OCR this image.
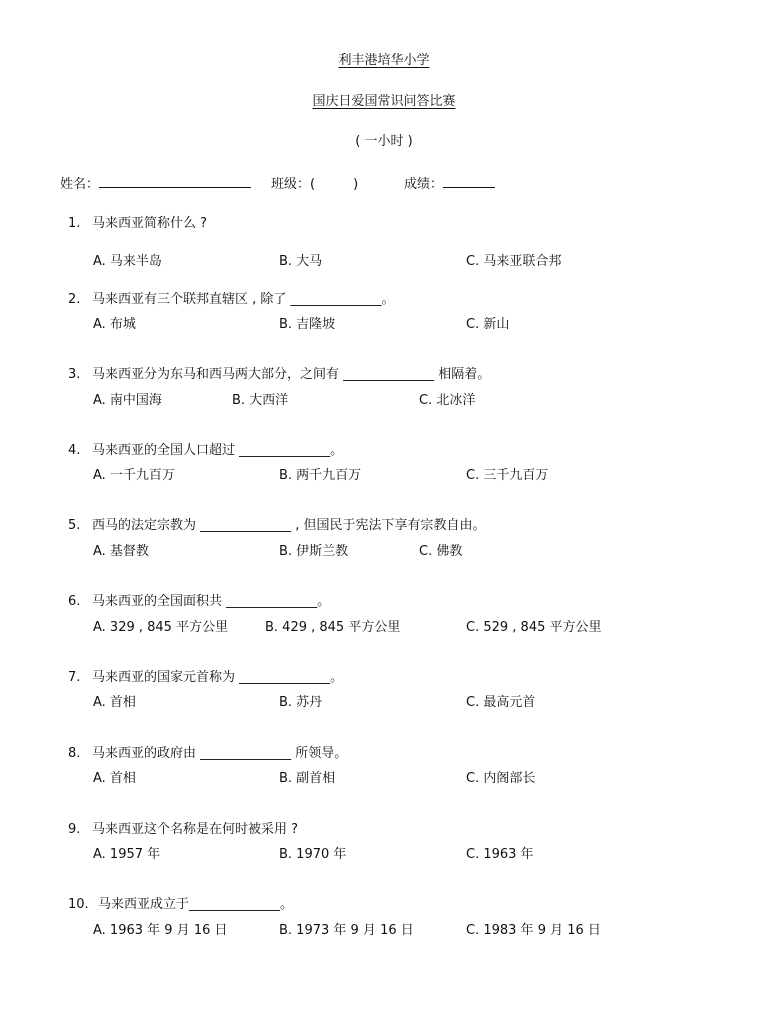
利丰港培华小学
国庆日爱国常识问答比赛
( 一小时 )
姓名：	班级：(	)	成绩：
1. 马来西亚简称什么 ?
A. 马来半岛	B. 大马	C. 马来亚联合邦
2. 马来西亚有三个联邦直辖区 , 除了 ______________。
A. 布城	B. 吉隆坡	C. 新山
3. 马来西亚分为东马和西马两大部分，之间有 ______________ 相隔着。
A. 南中国海	B. 大西洋	C. 北冰洋
4. 马来西亚的全国人口超过 ______________。
A. 一千九百万	B. 两千九百万	C. 三千九百万
5. 西马的法定宗教为 ______________ , 但国民于宪法下享有宗教自由。
A. 基督教	B. 伊斯兰教	C. 佛教
6. 马来西亚的全国面积共 ______________。
A. 329 , 845 平方公里	B. 429 , 845 平方公里	C. 529 , 845 平方公里
7. 马来西亚的国家元首称为 ______________。
A. 首相	B. 苏丹	C. 最高元首
8. 马来西亚的政府由 ______________ 所领导。
A. 首相	B. 副首相	C. 内阁部长
9. 马来西亚这个名称是在何时被采用 ?
A. 1957 年	B. 1970 年	C. 1963 年
10. 马来西亚成立于______________。
A. 1963 年 9 月 16 日	B. 1973 年 9 月 16 日	C. 1983 年 9 月 16 日
